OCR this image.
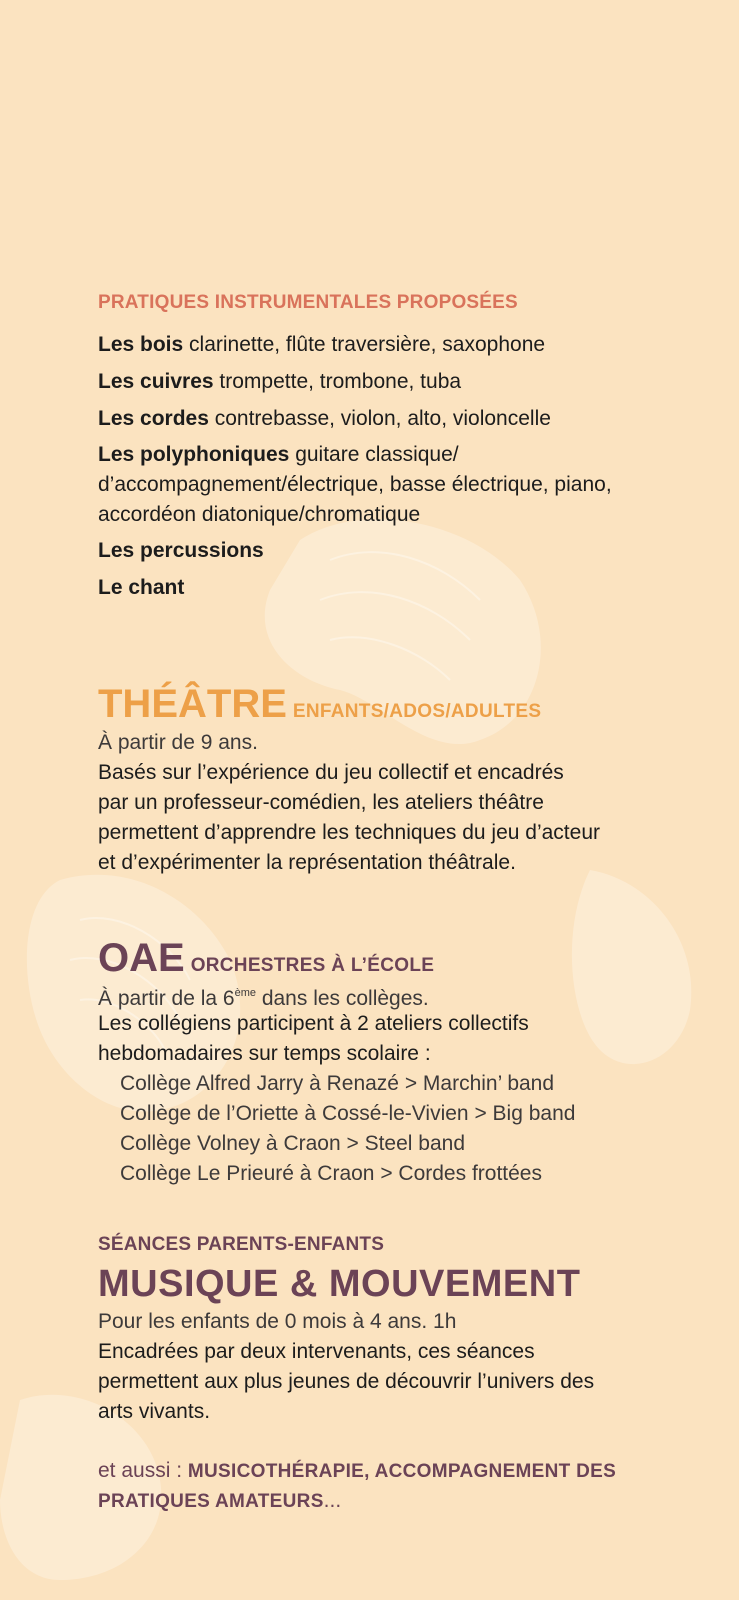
PRATIQUES INSTRUMENTALES PROPOSÉES
Les bois clarinette, flûte traversière, saxophone
Les cuivres trompette, trombone, tuba
Les cordes contrebasse, violon, alto, violoncelle
Les polyphoniques guitare classique/
d’accompagnement/électrique, basse électrique, piano,
accordéon diatonique/chromatique
Les percussions
Le chant
THÉÂTRE ENFANTS/ADOS/ADULTES
À partir de 9 ans.
Basés sur l’expérience du jeu collectif et encadrés
par un professeur-comédien, les ateliers théâtre
permettent d’apprendre les techniques du jeu d’acteur
et d’expérimenter la représentation théâtrale.
OAE ORCHESTRES À L’ÉCOLE
À partir de la 6ème dans les collèges.
Les collégiens participent à 2 ateliers collectifs
hebdomadaires sur temps scolaire :
Collège Alfred Jarry à Renazé > Marchin’ band
Collège de l’Oriette à Cossé-le-Vivien > Big band
Collège Volney à Craon > Steel band
Collège Le Prieuré à Craon > Cordes frottées
SÉANCES PARENTS-ENFANTS
MUSIQUE & MOUVEMENT
Pour les enfants de 0 mois à 4 ans. 1h
Encadrées par deux intervenants, ces séances
permettent aux plus jeunes de découvrir l’univers des
arts vivants.
et aussi : MUSICOTHÉRAPIE, ACCOMPAGNEMENT DES
PRATIQUES AMATEURS...
